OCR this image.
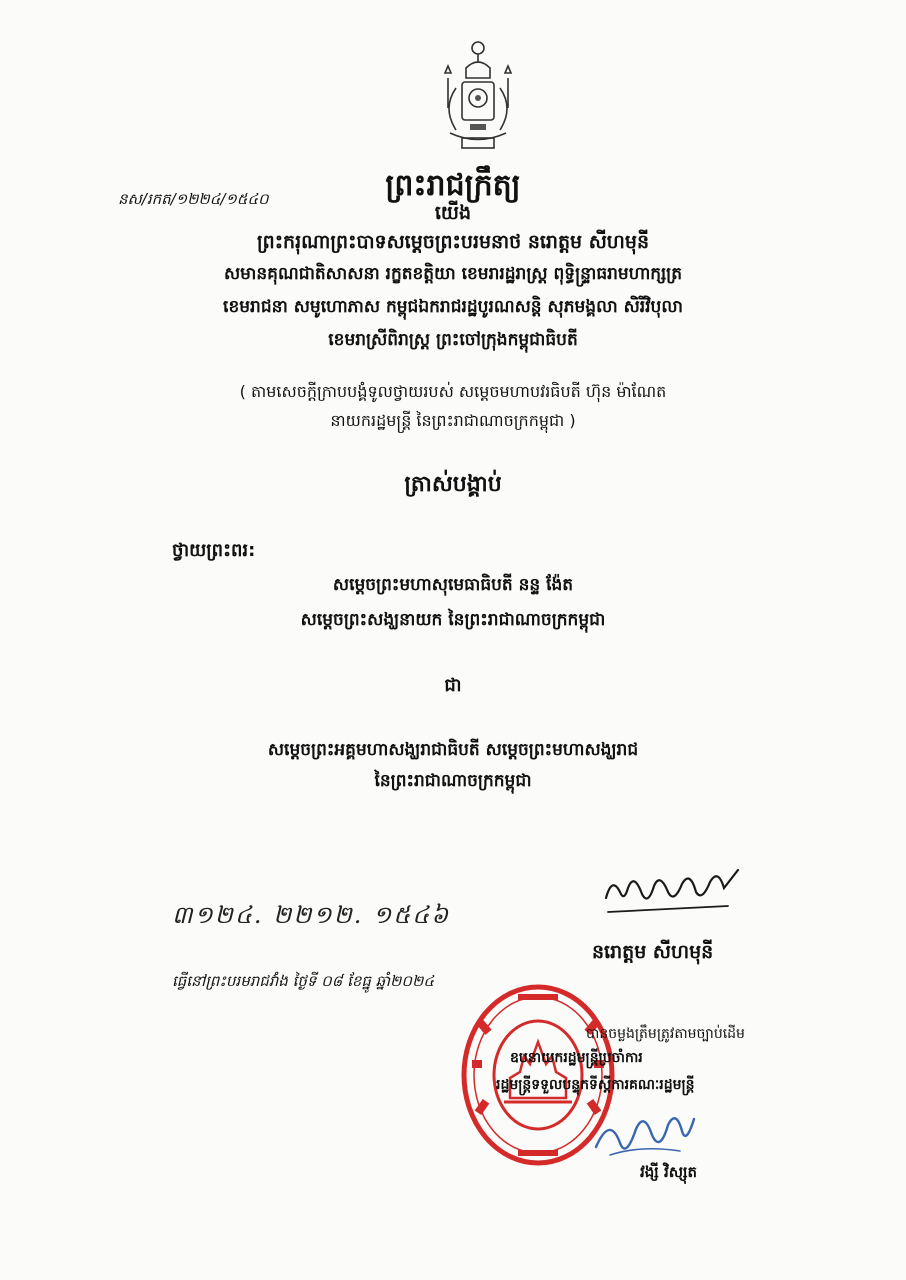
ព្រះរាជក្រឹត្យ
នស/រកត/១២២៤/១៥៤០
យើង
ព្រះករុណាព្រះបាទសម្តេចព្រះបរមនាថ នរោត្តម សីហមុនី
សមានគុណជាតិសាសនា រក្ខតខត្តិយា ខេមរារដ្ឋរាស្ត្រ ពុទ្ធិន្ទ្រាធរាមហាក្សត្រ
ខេមរាជនា សមូហោភាស កម្ពុជឯករាជរដ្ឋបូរណសន្តិ សុភមង្គលា សិរីវិបុលា
ខេមរាស្រីពិរាស្ត្រ ព្រះចៅក្រុងកម្ពុជាធិបតី
( តាមសេចក្តីក្រាបបង្គំទូលថ្វាយរបស់ សម្តេចមហាបវរធិបតី ហ៊ុន ម៉ាណែត
នាយករដ្ឋមន្ត្រី នៃព្រះរាជាណាចក្រកម្ពុជា )
ត្រាស់បង្គាប់
ថ្វាយព្រះពរ:
សម្តេចព្រះមហាសុមេធាធិបតី នន្ទ ង៉ែត
សម្តេចព្រះសង្ឃនាយក នៃព្រះរាជាណាចក្រកម្ពុជា
ជា
សម្តេចព្រះអគ្គមហាសង្ឃរាជាធិបតី សម្តេចព្រះមហាសង្ឃរាជ
នៃព្រះរាជាណាចក្រកម្ពុជា
៣១២៤. ២២១២. ១៥៤៦
នរោត្តម សីហមុនី
ធ្វើនៅព្រះបរមរាជវាំង ថ្ងៃទី ០៨ ខែធ្នូ ឆ្នាំ២០២៤
បានចម្លងត្រឹមត្រូវតាមច្បាប់ដើម
ឧបនាយករដ្ឋមន្ត្រីប្រចាំការ
រដ្ឋមន្ត្រីទទួលបន្ទុកទីស្តីការគណៈរដ្ឋមន្ត្រី
វង្សី វិស្សុត
